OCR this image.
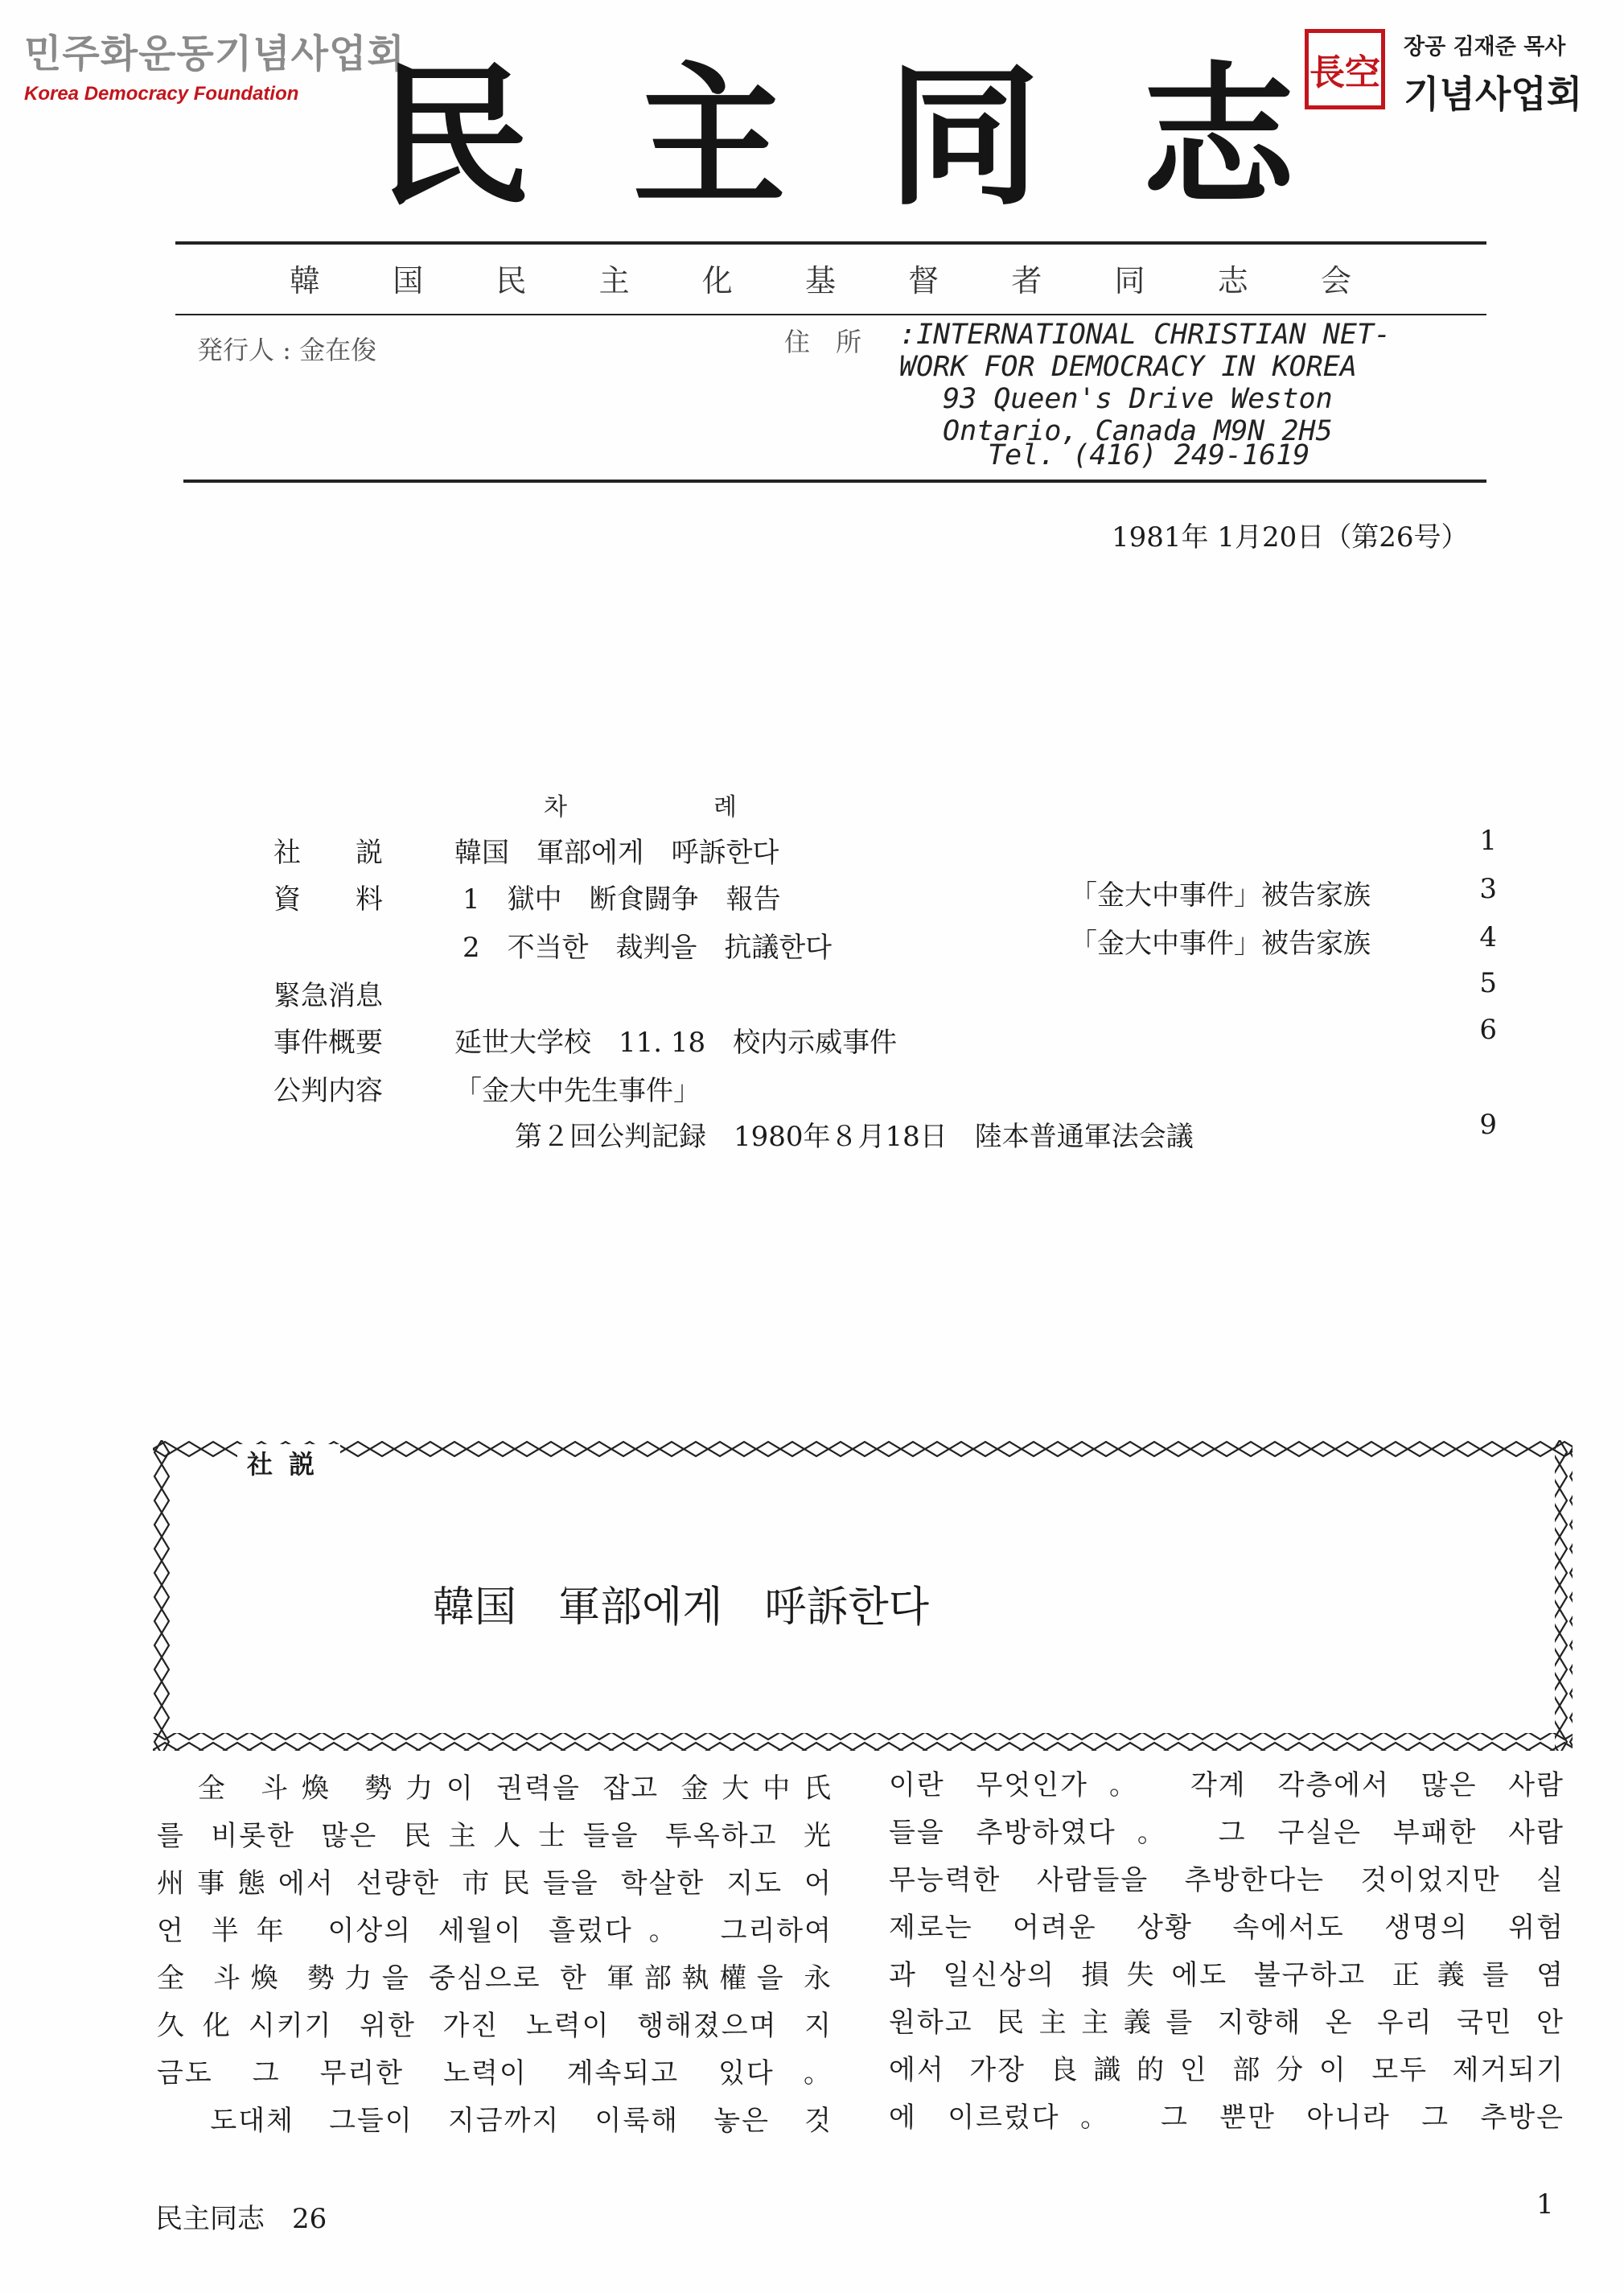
민주화운동기념사업회
Korea Democracy Foundation
長空
장공 김재준 목사
기념사업회
民 主 同 志
韓 国 民 主 化 基 督 者 同 志 会
発行人 : 金在俊	住　所 :INTERNATIONAL CHRISTIAN NET-
WORK FOR DEMOCRACY IN KOREA
93 Queen's Drive Weston
Ontario, Canada M9N 2H5
Tel. (416) 249-1619
1981年 1月20日（第26号）
차	례
社　　説	韓国　軍部에게　呼訴한다	1
資　　料	1　獄中　断食闘争　報告	「金大中事件」被告家族	3
2　不当한　裁判을　抗議한다	「金大中事件」被告家族	4
緊急消息	5
事件概要	延世大学校　11. 18　校内示威事件	6
公判内容	「金大中先生事件」
第２回公判記録　1980年８月18日　陸本普通軍法会議	9
社説
韓国　軍部에게　呼訴한다
　全 斗煥 勢力이 권력을 잡고 金大中氏
를 비롯한 많은 民主人士들을 투옥하고 光
州事態에서 선량한 市民들을 학살한 지도 어
언 半年 이상의 세월이 흘렀다。 그리하여
全 斗煥 勢力을 중심으로 한 軍部執權을 永
久化시키기 위한 가진 노력이 행해졌으며 지
금도 그 무리한 노력이 계속되고 있다。
　도대체 그들이 지금까지 이룩해 놓은 것
이란 무엇인가。 각계 각층에서 많은 사람
들을 추방하였다。 그 구실은 부패한 사람
무능력한 사람들을 추방한다는 것이었지만 실
제로는 어려운 상황 속에서도 생명의 위험
과 일신상의 損失에도 불구하고 正義를 염
원하고 民主主義를 지향해 온 우리 국민 안
에서 가장 良識的인 部分이 모두 제거되기
에 이르렀다。 그 뿐만 아니라 그 추방은
民主同志　26	1
